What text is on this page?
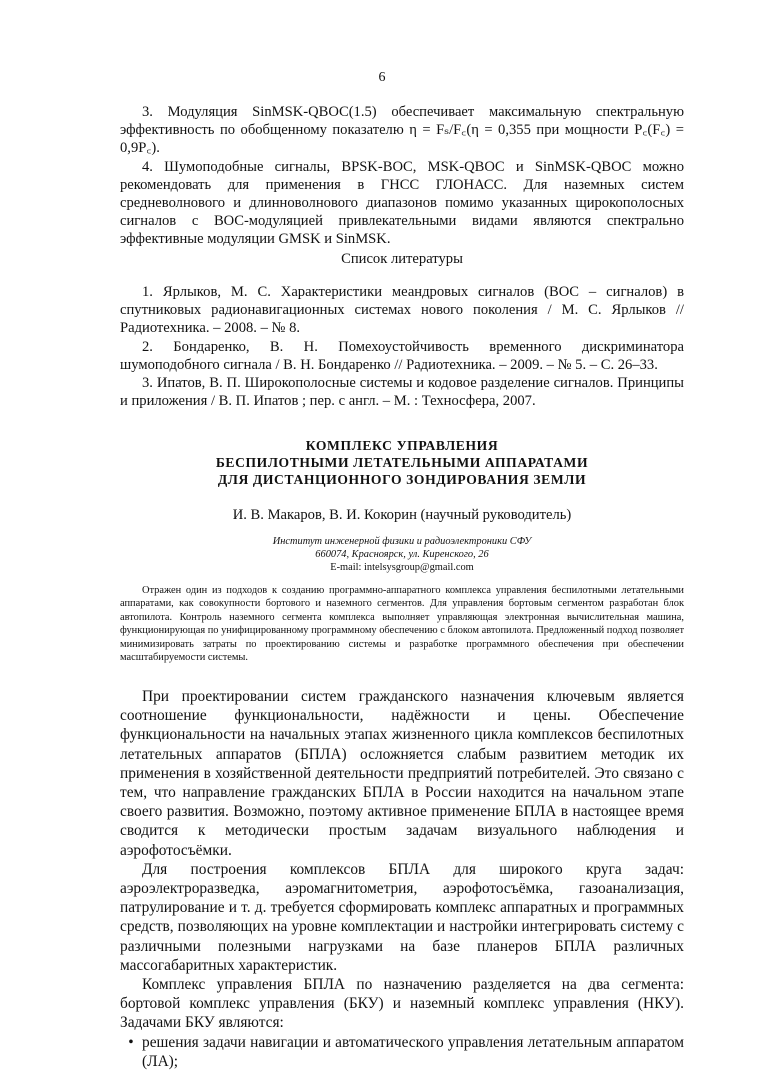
6

3. Модуляция SinMSK-QBOC(1.5) обеспечивает максимальную спектральную эффективность по обобщенному показателю η = Fₛ/F꜀(η = 0,355 при мощности P꜀(F꜀) = 0,9P꜀).

4. Шумоподобные сигналы, BPSK-BOC, MSK-QBOC и SinMSK-QBOC можно рекомендовать для применения в ГНСС ГЛОНАСС. Для наземных систем средневолнового и длинноволнового диапазонов помимо указанных щирокополосных сигналов с BOC-модуляцией привлекательными видами являются спектрально эффективные модуляции GMSK и SinMSK.

Список литературы

1. Ярлыков, М. С. Характеристики меандровых сигналов (BOC – сигналов) в спутниковых радионавигационных системах нового поколения / М. С. Ярлыков // Радиотехника. – 2008. – № 8.

2. Бондаренко, В. Н. Помехоустойчивость временного дискриминатора шумоподобного сигнала / В. Н. Бондаренко // Радиотехника. – 2009. – № 5. – С. 26–33.

3. Ипатов, В. П. Широкополосные системы и кодовое разделение сигналов. Принципы и приложения / В. П. Ипатов ; пер. с англ. – М. : Техносфера, 2007.

КОМПЛЕКС УПРАВЛЕНИЯ

БЕСПИЛОТНЫМИ ЛЕТАТЕЛЬНЫМИ АППАРАТАМИ

ДЛЯ ДИСТАНЦИОННОГО ЗОНДИРОВАНИЯ ЗЕМЛИ

И. В. Макаров, В. И. Кокорин (научный руководитель)

Институт инженерной физики и радиоэлектроники СФУ

660074, Красноярск, ул. Киренского, 26

E-mail: intelsysgroup@gmail.com

Отражен один из подходов к созданию программно-аппаратного комплекса управления беспилотными летательными аппаратами, как совокупности бортового и наземного сегментов. Для управления бортовым сегментом разработан блок автопилота. Контроль наземного сегмента комплекса выполняет управляющая электронная вычислительная машина, функционирующая по унифицированному программному обеспечению с блоком автопилота. Предложенный подход позволяет минимизировать затраты по проектированию системы и разработке программного обеспечения при обеспечении масштабируемости системы.

При проектировании систем гражданского назначения ключевым является соотношение функциональности, надёжности и цены. Обеспечение функциональности на начальных этапах жизненного цикла комплексов беспилотных летательных аппаратов (БПЛА) осложняется слабым развитием методик их применения в хозяйственной деятельности предприятий потребителей. Это связано с тем, что направление гражданских БПЛА в России находится на начальном этапе своего развития. Возможно, поэтому активное применение БПЛА в настоящее время сводится к методически простым задачам визуального наблюдения и аэрофотосъёмки.

Для построения комплексов БПЛА для широкого круга задач: аэроэлектроразведка, аэромагнитометрия, аэрофотосъёмка, газоанализация, патрулирование и т. д. требуется сформировать комплекс аппаратных и программных средств, позволяющих на уровне комплектации и настройки интегрировать систему с различными полезными нагрузками на базе планеров БПЛА различных массогабаритных характеристик.

Комплекс управления БПЛА по назначению разделяется на два сегмента: бортовой комплекс управления (БКУ) и наземный комплекс управления (НКУ). Задачами БКУ являются:

• решения задачи навигации и автоматического управления летательным аппаратом (ЛА);
